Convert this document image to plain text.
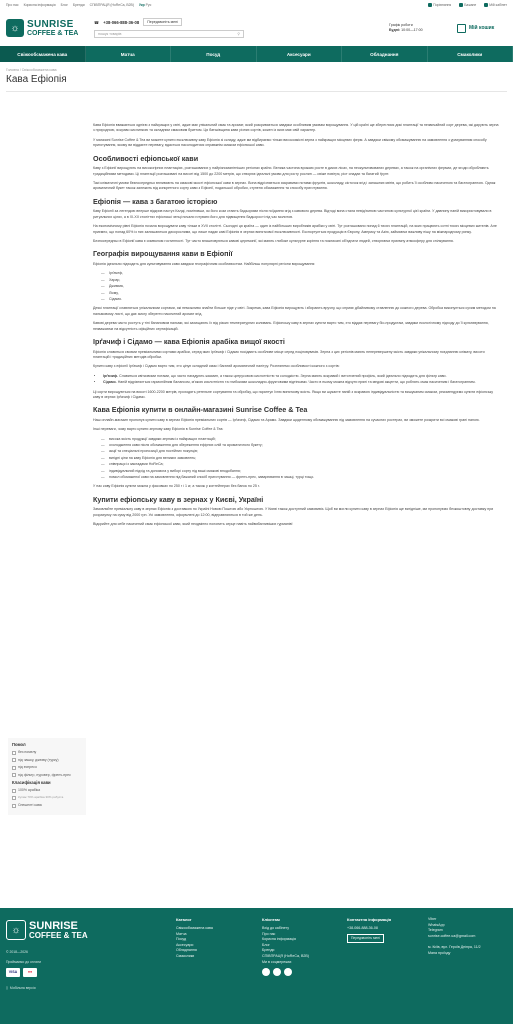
Про нас Корисна інформація Блог Бренди СПІВПРАЦЯ (HoReCa, B2B) Укр Рус	Порівняння	Бажане	Мій кабінет
☼ SUNRISE
COFFEE & TEA
☎ +38-066-888-36-08	Передзвоніть мені
пошук товарів	⚲
Графік роботи
Будні: 10:00—17:00	Мій кошик
Свіжообсмажена кава	Матча	Посуд	Аксесуари	Обладнання	Смаколики
Головна / Свіжообсмажена кава
Кава Ефіопія

Кава Ефіопія вважається однією з найкращих у світі, адже має унікальний смак та аромат, який розкривається завдяки особливим умовам вирощування. У цій країні ще збереглися дикі плантації та незвичайний сорт дерева, які дарують зерна з природною, яскраво кислинкою та складним смаковим букетом. Ця батьківщина кави різних сортів, кожен із яких має свій характер.

У магазині Sunrise Coffee & Tea ви можете купити ексклюзивну каву Ефіопія зі складу, адже ми відбираємо тільки високоякісні зерна з найкращих місцевих ферм. А завдяки свіжому обсмажуванню на замовлення з урахуванням способу приготування, якому ви віддаєте перевагу, вдасться насолодитися справжнім смаком ефіопської кави.

Особливості ефіопської кави

Каву з Ефіопії вирощують на високогірних плантаціях, розташованих у найрізноманітніших регіонах країни. Велика частина врожаю росте в диких лісах, на неокультивованих деревах, а також на органічних фермах, де ягоди обробляють традиційними методами. Ці плантації розташовані на висоті від 1500 до 2200 метрів, що створює ідеальні умови для росту рослин — свіже повітря, ріст спадає та багатий ґрунт.

Такі кліматичні умови безпосередньо впливають на смакові якості ефіопської кави в зернах. Вона відрізняється яскравими нотами фруктів, шоколаду, кісточок ягід і запашних квітів, що робить її особливо насиченою та багатогранною. Однак ароматичний букет також залежить від конкретного сорту кави з Ефіопії, подальшої обробки, ступеня обсмаження та способу приготування.

Ефіопія — кава з багатою історією

Каву Ефіопії за легендою вперше відкрив пастух Калді, помітивши, як його кози стають бадьорими після поїдання ягід з кавового дерева. Відтоді вона стала невід'ємною частиною культурної цієї країни. У давнину напій використовували в ритуальних цілях, а в XI-XII століттях ефіопські ченці почали готувати його для підвищення бадьорості під час молитов.

На економічному рівні Ефіопія почала вирощувати каву тільки в XVII столітті. Сьогодні ця країна — один із найбільших виробників арабіки у світі. Тут розташовано понад 6 тисяч плантацій, на яких працюють сотні тисяч місцевих жителів. Але приємно, що понад 60% із них залишаються дикорослими, що лише надає каві Ефіопія в зернах виняткової ексклюзивності. Експортується продукція в Європу, Америку та Азію, займаючи важливу нішу на міжнародному ринку.

Безпосередньо в Ефіопії кава є символом гостинності. Тут часто влаштовуються кавові церемонії, які мають глибоке культурне коріння та покликані об'єднати людей, створюючи приємну атмосферу для спілкування.

Географія вирощування кави в Ефіопії

Ефіопія ідеально підходить для культивування кави завдяки географічним особливостям. Найбільш популярні регіони вирощування:

— Ірґачеф,
— Харар,
— Джимма,
— Лікму,
— Сідамо.

Деякі плантації славляться унікальними сортами, які неможливо знайти більше ніде у світі. Зокрема, кава Ефіопія вирощують і збирають вручну, що сприяє дбайливому ставленню до кожного дерева. Обробка виконується сухим методом на пальмовому листі, що дає змогу зберегти насичений аромат ягід.

Кавові дерева часто ростуть у тіні банановим пальми, які захищають їх від різких температурних коливань. Ефіопську каву в зернах купити варто тим, хто віддає перевагу біо-продуктам, завдяки екологічному підходу до її культивування, незважаючи на відсутність офіційних сертифікацій.

Ірґачиф і Сідамо — кава Ефіопія арабіка вищої якості

Ефіопія славиться своєми преміальними сортами арабіки, серед яких Ірґачиф і Сідамо посідають особливе місце серед поціновувачів. Зерна з цих регіонів мають неперевершену якість завдяки унікальному поєднанню клімату, висоти плантацій і традиційних методів обробки.

Купити каву з ефіопії Ірґачиф і Сідамо варто тим, хто цінує складний смак і багатий ароматичний палітру. Розглянемо особливості кожного з сортів:

• Ірґачиф. Славиться квітковими нотами, що часто нагадують жасмин, а також цитрусовою кислотністю та солодкістю. Зерна мають яскравий і витончений профіль, який ідеально підходить для фільтр кави.
• Сідамо. Напій відрізняється гармонійним балансом, м'якою кислотністю та глибокими шоколадно-фруктовими відтінками. Часто в ньому можна відчути пряні та медові акценти, що роблять смак насиченим і багатогранним.

Ці сорти вирощуються на висоті 1600-2200 метрів, проходять ретельне сортування та обробку, що гарантує їхню виняткову якість. Якщо ви шукаєте напій з яскравою індивідуальністю та вишуканим смаком, рекомендуємо купити ефіопську каву в зернах Ірґачиф і Сідамо.

Кава Ефіопія купити в онлайн-магазині Sunrise Coffee & Tea

Наш онлайн-магазин пропонує купити каву в зернах Ефіопія преміальних сортів — Ірґачеф, Сідамо та Арамо. Завдяки щоденному обсмажуванню під замовлення на сучасних ростерах, ви зможете розкрити всі смакові грані напою.

Інші переваги, чому варто купити зернову каву Ефіопія в Sunrise Coffee & Tea:

— висока якість продукції завдяки зернам із найкращих плантацій;
— охолодження кави після обсмаження для збереження ефірних олій та ароматичного букету;
— акції та спеціальні пропозиції для постійних покупців;
— вигідні ціни на каву Ефіопія для великих замовлень;
— співпраця із закладами HoReCa;
— індивідуальний підхід та допомога у виборі сорту під ваші смакові вподобання;
— помол обсмаженої кави на замовлення під бажаний спосіб приготування — френч-прес, заварювання в чашці, турці тощо.

У нас каву Ефіопія купити можна у фасовках по 250 г і 1 кг, а також у контейнерах без банок по 25 г.

Купити ефіопську каву в зернах у Києві, Україні

Замовляйте преміальну каву в зернах Ефіопія з доставкою по Україні Новою Поштою або Укрпоштою. У Києві також доступний самовивіз. Щоб ви могли купити каву в зернах Ефіопія ще вигідніше, ми пропонуємо безкоштовну доставку при розрахунку на суму від 2000 грн. Усі замовлення, оформлені до 12:00, відправляються в той же день.

Відкрийте для себе насичений смак ефіопської кави, який неодмінно полонить серце навіть найвибагливіших гурманів!

Помол
без помелу
під чашку, джезву (турку)
під еспресо
під фільтр, пуровер, френч-прес
Класифікація кави
100% арабіка
Купаж 70% арабіка 30% робуста
Спешелті кава
☼ SUNRISE
COFFEE & TEA
© 2018—2026
Приймаємо до оплати
VISA	●●
▯ Мобільна версія
Каталог
Свіжообсмажена кава
Матча
Посуд
Аксесуари
Обладнання
Смаколики
Клієнтам
Вхід до кабінету
Про нас
Корисна інформація
Блог
Бренди
СПІВПРАЦЯ (HoReCa, B2B)
Ми в соцмережах
Контактна інформація
+38-066-888-36-08
Передзвоніть мені
Viber
WhatsApp
Telegram
sunrise.coffee.ua@gmail.com
м. Київ, вул. Героїв Дніпра, 11/2
Мапа проїзду
